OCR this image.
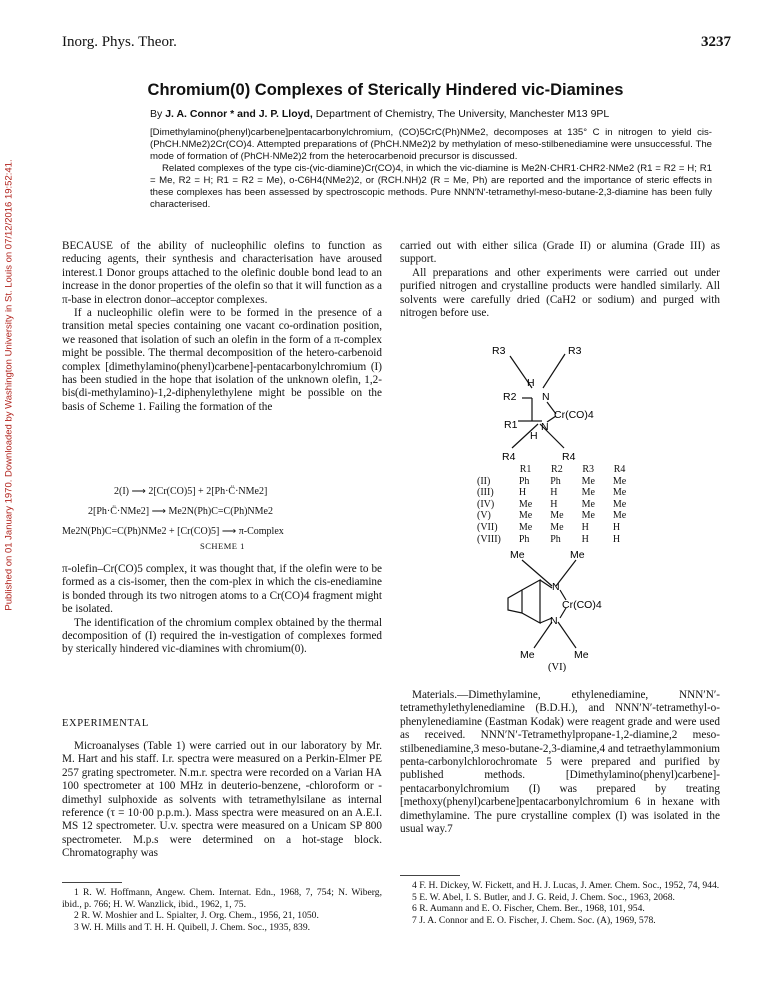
Inorg. Phys. Theor.	3237
Published on 01 January 1970. Downloaded by Washington University in St. Louis on 07/12/2016 19:52:41.
Chromium(0) Complexes of Sterically Hindered vic-Diamines
By J. A. Connor * and J. P. Lloyd, Department of Chemistry, The University, Manchester M13 9PL

[Dimethylamino(phenyl)carbene]pentacarbonylchromium, (CO)5CrC(Ph)NMe2, decomposes at 135° C in nitrogen to yield cis-(PhCH.NMe2)2Cr(CO)4. Attempted preparations of (PhCH.NMe2)2 by methylation of meso-stilbenediamine were unsuccessful. The mode of formation of (PhCH·NMe2)2 from the heterocarbenoid precursor is discussed.

Related complexes of the type cis-(vic-diamine)Cr(CO)4, in which the vic-diamine is Me2N·CHR1·CHR2·NMe2 (R1 = R2 = H; R1 = Me, R2 = H; R1 = R2 = Me), o-C6H4(NMe2)2, or (RCH.NH)2 (R = Me, Ph) are reported and the importance of steric effects in these complexes has been assessed by spectroscopic methods. Pure NNN′N′-tetramethyl-meso-butane-2,3-diamine has been fully characterised.

BECAUSE of the ability of nucleophilic olefins to function as reducing agents, their synthesis and characterisation have aroused interest.1 Donor groups attached to the olefinic double bond lead to an increase in the donor properties of the olefin so that it will function as a π-base in electron donor–acceptor complexes.

If a nucleophilic olefin were to be formed in the presence of a transition metal species containing one vacant co-ordination position, we reasoned that isolation of such an olefin in the form of a π-complex might be possible. The thermal decomposition of the hetero-carbenoid complex [dimethylamino(phenyl)carbene]-pentacarbonylchromium (I) has been studied in the hope that isolation of the unknown olefin, 1,2-bis(di-methylamino)-1,2-diphenylethylene might be possible on the basis of Scheme 1. Failing the formation of the

2(I) ⟶ 2[Cr(CO)5] + 2[Ph·C̈·NMe2]
2[Ph·C̈·NMe2] ⟶ Me2N(Ph)C=C(Ph)NMe2
Me2N(Ph)C=C(Ph)NMe2 + [Cr(CO)5] ⟶ π-Complex
SCHEME 1

π-olefin–Cr(CO)5 complex, it was thought that, if the olefin were to be formed as a cis-isomer, then the com-plex in which the cis-enediamine is bonded through its two nitrogen atoms to a Cr(CO)4 fragment might be isolated.

The identification of the chromium complex obtained by the thermal decomposition of (I) required the in-vestigation of complexes formed by sterically hindered vic-diamines with chromium(0).

EXPERIMENTAL

Microanalyses (Table 1) were carried out in our laboratory by Mr. M. Hart and his staff. I.r. spectra were measured on a Perkin-Elmer PE 257 grating spectrometer. N.m.r. spectra were recorded on a Varian HA 100 spectrometer at 100 MHz in deuterio-benzene, -chloroform or -dimethyl sulphoxide as solvents with tetramethylsilane as internal reference (τ = 10·00 p.p.m.). Mass spectra were measured on an A.E.I. MS 12 spectrometer. U.v. spectra were measured on a Unicam SP 800 spectrometer. M.p.s were determined on a hot-stage block. Chromatography was

1 R. W. Hoffmann, Angew. Chem. Internat. Edn., 1968, 7, 754; N. Wiberg, ibid., p. 766; H. W. Wanzlick, ibid., 1962, 1, 75.

2 R. W. Moshier and L. Spialter, J. Org. Chem., 1956, 21, 1050.

3 W. H. Mills and T. H. H. Quibell, J. Chem. Soc., 1935, 839.

carried out with either silica (Grade II) or alumina (Grade III) as support.

All preparations and other experiments were carried out under purified nitrogen and crystalline products were handled similarly. All solvents were carefully dried (CaH2 or sodium) and purged with nitrogen before use.

R3	R3
R2
H
N
Cr(CO)4
R1 N
H
R4	R4
	R1	R2	R3	R4
(II)	Ph	Ph	Me	Me
(III)	H	H	Me	Me
(IV)	Me	H	Me	Me
(V)	Me	Me	Me	Me
(VII)	Me	Me	H	H
(VIII)	Ph	Ph	H	H
Me	Me
N
Cr(CO)4
N
Me	Me
(VI)

Materials.—Dimethylamine, ethylenediamine, NNN′N′-tetramethylethylenediamine (B.D.H.), and NNN′N′-tetramethyl-o-phenylenediamine (Eastman Kodak) were reagent grade and were used as received. NNN′N′-Tetramethylpropane-1,2-diamine,2 meso-stilbenediamine,3 meso-butane-2,3-diamine,4 and tetraethylammonium penta-carbonylchlorochromate 5 were prepared and purified by published methods. [Dimethylamino(phenyl)carbene]-pentacarbonylchromium (I) was prepared by treating [methoxy(phenyl)carbene]pentacarbonylchromium 6 in hexane with dimethylamine. The pure crystalline complex (I) was isolated in the usual way.7

4 F. H. Dickey, W. Fickett, and H. J. Lucas, J. Amer. Chem. Soc., 1952, 74, 944.

5 E. W. Abel, I. S. Butler, and J. G. Reid, J. Chem. Soc., 1963, 2068.

6 R. Aumann and E. O. Fischer, Chem. Ber., 1968, 101, 954.

7 J. A. Connor and E. O. Fischer, J. Chem. Soc. (A), 1969, 578.
